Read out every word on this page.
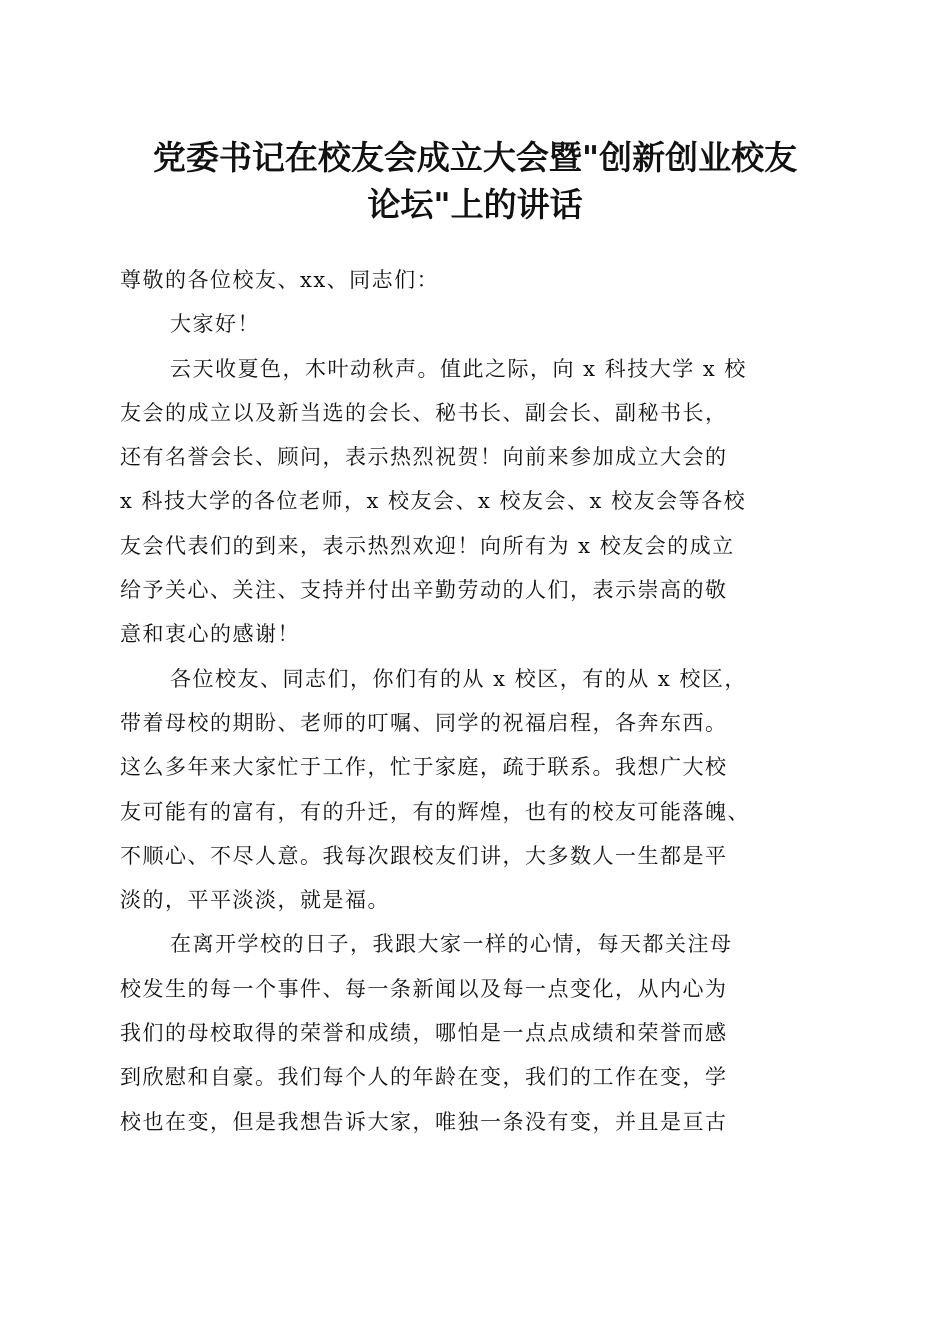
党委书记在校友会成立大会暨"创新创业校友
论坛"上的讲话
尊敬的各位校友、xx、同志们：
大家好！
云天收夏色，木叶动秋声。值此之际，向 x 科技大学 x 校
友会的成立以及新当选的会长、秘书长、副会长、副秘书长，
还有名誉会长、顾问，表示热烈祝贺！向前来参加成立大会的
x 科技大学的各位老师，x 校友会、x 校友会、x 校友会等各校
友会代表们的到来，表示热烈欢迎！向所有为 x 校友会的成立
给予关心、关注、支持并付出辛勤劳动的人们，表示崇高的敬
意和衷心的感谢！
各位校友、同志们，你们有的从 x 校区，有的从 x 校区，
带着母校的期盼、老师的叮嘱、同学的祝福启程，各奔东西。
这么多年来大家忙于工作，忙于家庭，疏于联系。我想广大校
友可能有的富有，有的升迁，有的辉煌，也有的校友可能落魄、
不顺心、不尽人意。我每次跟校友们讲，大多数人一生都是平
淡的，平平淡淡，就是福。
在离开学校的日子，我跟大家一样的心情，每天都关注母
校发生的每一个事件、每一条新闻以及每一点变化，从内心为
我们的母校取得的荣誉和成绩，哪怕是一点点成绩和荣誉而感
到欣慰和自豪。我们每个人的年龄在变，我们的工作在变，学
校也在变，但是我想告诉大家，唯独一条没有变，并且是亘古
